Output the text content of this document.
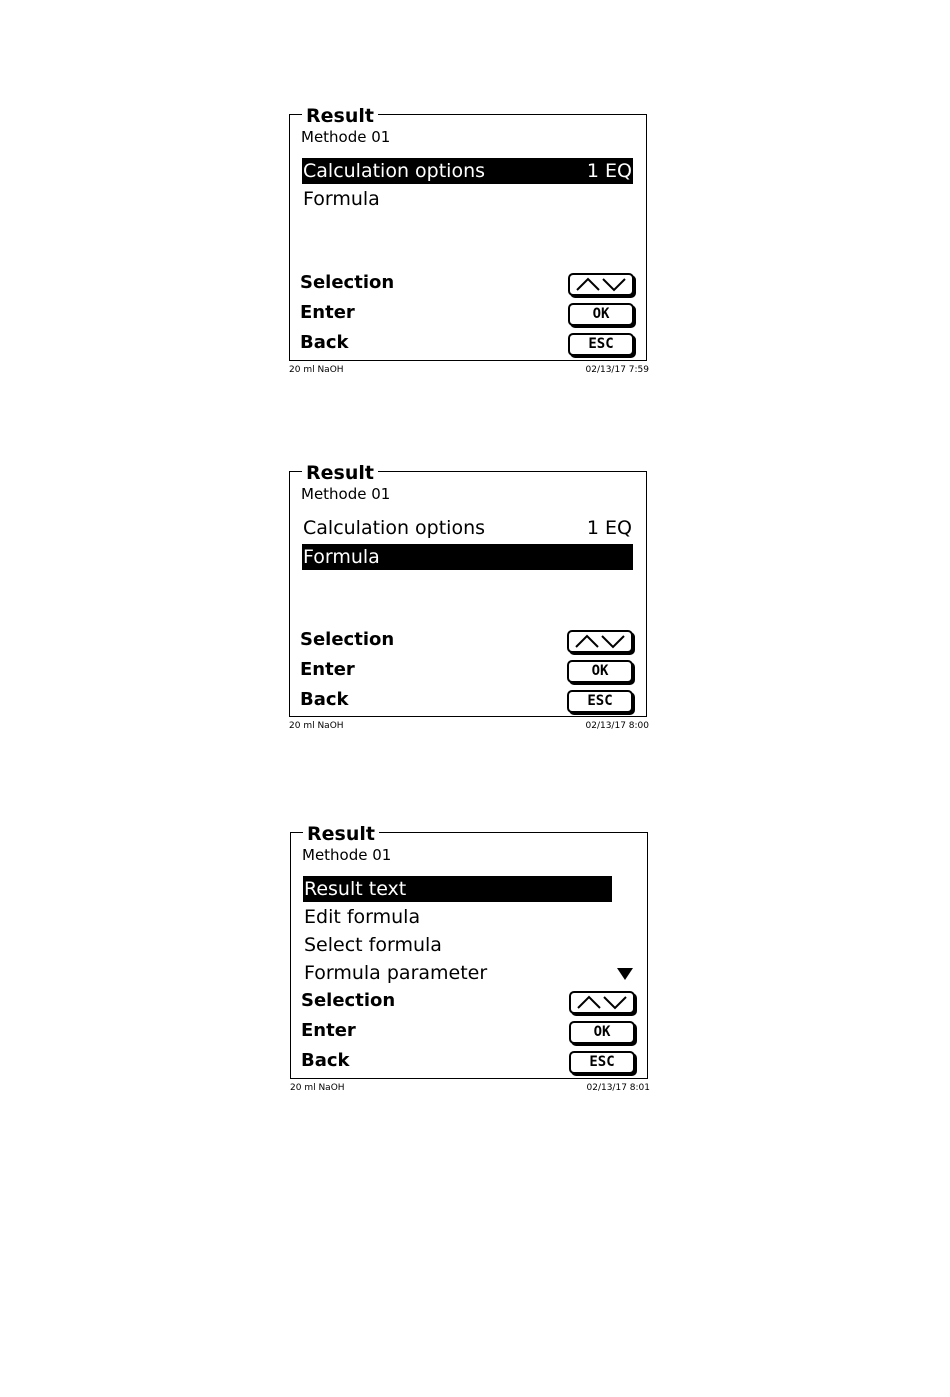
Result
Methode 01
Calculation options	1 EQ
Formula
Selection
Enter	OK
Back	ESC
20 ml NaOH	02/13/17 7:59
Result
Methode 01
Calculation options	1 EQ
Formula
Selection
Enter	OK
Back	ESC
20 ml NaOH	02/13/17 8:00
Result
Methode 01
Result text
Edit formula
Select formula
Formula parameter
Selection
Enter	OK
Back	ESC
20 ml NaOH	02/13/17 8:01
